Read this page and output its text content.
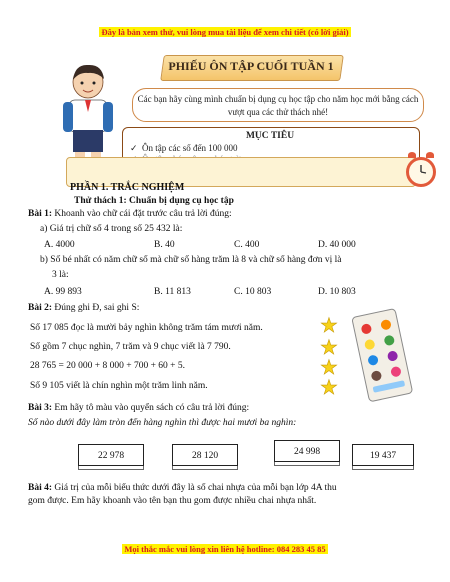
Đây là bản xem thử, vui lòng mua tài liệu để xem chi tiết (có lời giải)
PHIẾU ÔN TẬP CUỐI TUẦN 1
Các bạn hãy cùng mình chuẩn bị dụng cụ học tập cho năm học mới bằng cách vượt qua các thử thách nhé!
MỤC TIÊU
✓  Ôn tập các số đến 100 000
PHẦN 1. TRẮC NGHIỆM
Thử thách 1: Chuẩn bị dụng cụ học tập
Bài 1: Khoanh vào chữ cái đặt trước câu trả lời đúng:
a) Giá trị chữ số 4 trong số 25 432 là:
A. 4000	B. 40	C. 400	D. 40 000
b) Số bé nhất có năm chữ số mà chữ số hàng trăm là 8 và chữ số hàng đơn vị là
3 là:
A. 99 893	B. 11 813	C. 10 803	D. 10 803
Bài 2: Đúng ghi Đ, sai ghi S:
Số 17 085 đọc là mười bảy nghìn không trăm tám mươi năm.
Số gồm 7 chục nghìn, 7 trăm và 9 chục viết là 7 790.
28 765 = 20 000 + 8 000 + 700 + 60 + 5.
Số 9 105 viết là chín nghìn một trăm linh năm.
★
★
★
★
Bài 3: Em hãy tô màu vào quyển sách có câu trả lời đúng:
Số nào dưới đây làm tròn đến hàng nghìn thì được hai mươi ba nghìn:
22 978	28 120	24 998	19 437
Bài 4: Giá trị của mỗi biểu thức dưới đây là số chai nhựa của mỗi bạn lớp 4A thu
gom được. Em hãy khoanh vào tên bạn thu gom được nhiều chai nhựa nhất.
Mọi thắc mắc vui lòng xin liên hệ hotline: 084 283 45 85
